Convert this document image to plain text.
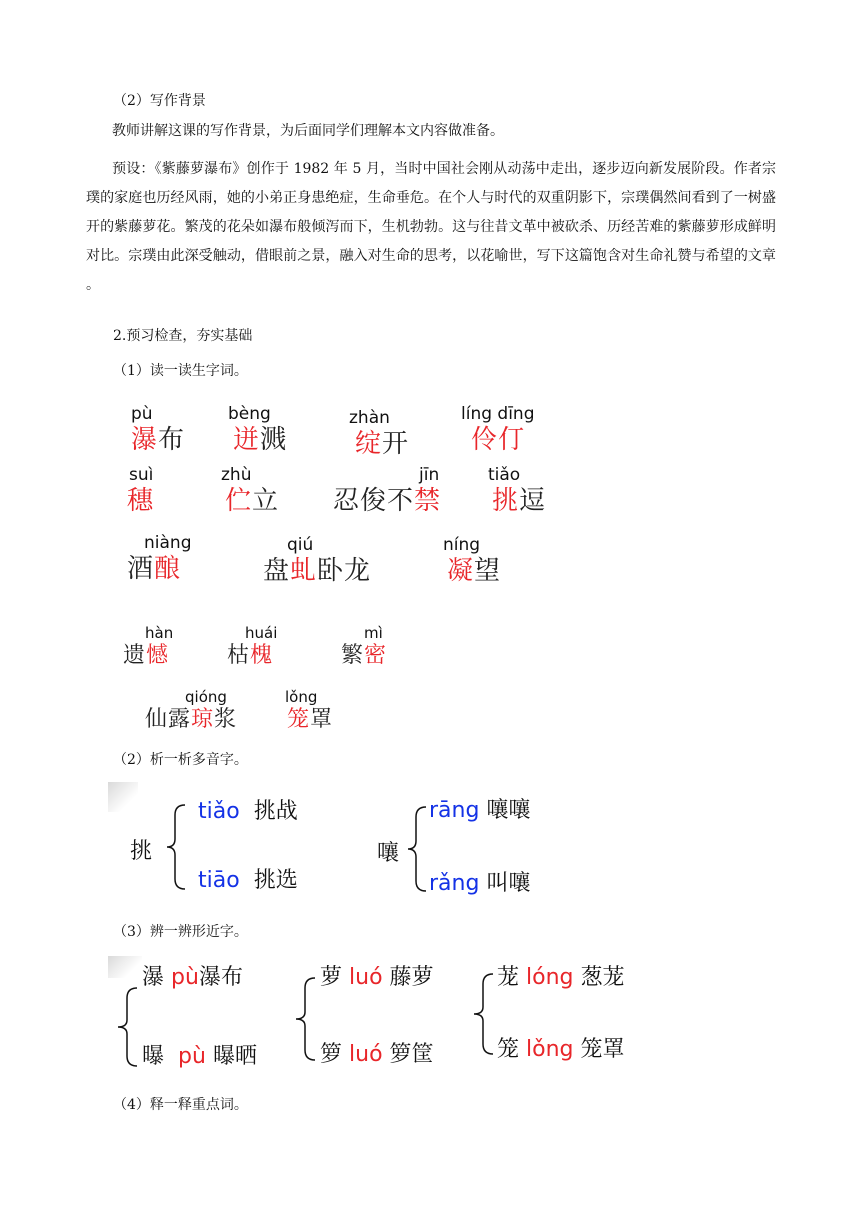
（2）写作背景
教师讲解这课的写作背景，为后面同学们理解本文内容做准备。
预设：《紫藤萝瀑布》创作于 1982 年 5 月，当时中国社会刚从动荡中走出，逐步迈向新发展阶段。作者宗璞的家庭也历经风雨，她的小弟正身患绝症，生命垂危。在个人与时代的双重阴影下，宗璞偶然间看到了一树盛开的紫藤萝花。繁茂的花朵如瀑布般倾泻而下，生机勃勃。这与往昔文革中被砍杀、历经苦难的紫藤萝形成鲜明对比。宗璞由此深受触动，借眼前之景，融入对生命的思考，以花喻世，写下这篇饱含对生命礼赞与希望的文章 。
2.预习检查，夯实基础
（1）读一读生字词。
pù
瀑布
bèng
迸溅
zhàn
绽开
líng dīng
伶仃
suì
穗
zhù
伫立
jīn
忍俊不禁
tiǎo
挑逗
niàng
酒酿
qiú
盘虬卧龙
níng
凝望
hàn
遗憾
huái
枯槐
mì
繁密
qióng
仙露琼浆
lǒng
笼罩
（2）析一析多音字。
挑
tiǎo 挑战
tiāo 挑选
嚷
rāng 嚷嚷
rǎng 叫嚷
（3）辨一辨形近字。
瀑 pù瀑布
曝 pù 曝晒
萝 luó 藤萝
箩 luó 箩筐
茏 lóng 葱茏
笼 lǒng 笼罩
（4）释一释重点词。
